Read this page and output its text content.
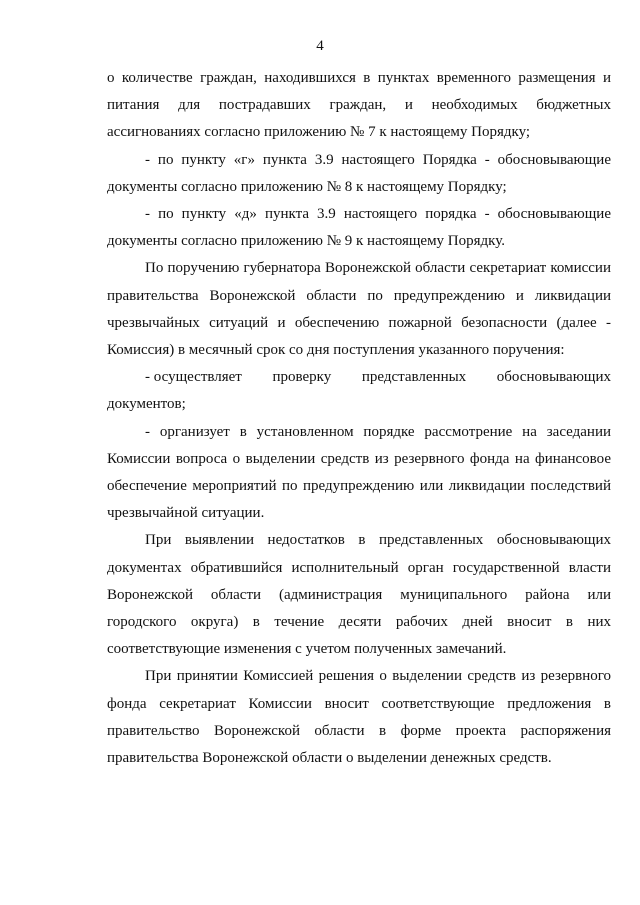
4

о количестве граждан, находившихся в пунктах временного размещения и питания для пострадавших граждан, и необходимых бюджетных ассигнованиях согласно приложению № 7 к настоящему Порядку;

- по пункту «г» пункта 3.9 настоящего Порядка - обосновывающие документы согласно приложению № 8 к настоящему Порядку;

- по пункту «д» пункта 3.9 настоящего порядка - обосновывающие документы согласно приложению № 9 к настоящему Порядку.

По поручению губернатора Воронежской области секретариат комиссии правительства Воронежской области по предупреждению и ликвидации чрезвычайных ситуаций и обеспечению пожарной безопасности (далее - Комиссия) в месячный срок со дня поступления указанного поручения:

- осуществляет проверку представленных обосновывающих

документов;

- организует в установленном порядке рассмотрение на заседании Комиссии вопроса о выделении средств из резервного фонда на финансовое обеспечение мероприятий по предупреждению или ликвидации последствий чрезвычайной ситуации.

При выявлении недостатков в представленных обосновывающих документах обратившийся исполнительный орган государственной власти Воронежской области (администрация муниципального района или городского округа) в течение десяти рабочих дней вносит в них соответствующие изменения с учетом полученных замечаний.

При принятии Комиссией решения о выделении средств из резервного фонда секретариат Комиссии вносит соответствующие предложения в правительство Воронежской области в форме проекта распоряжения правительства Воронежской области о выделении денежных средств.
